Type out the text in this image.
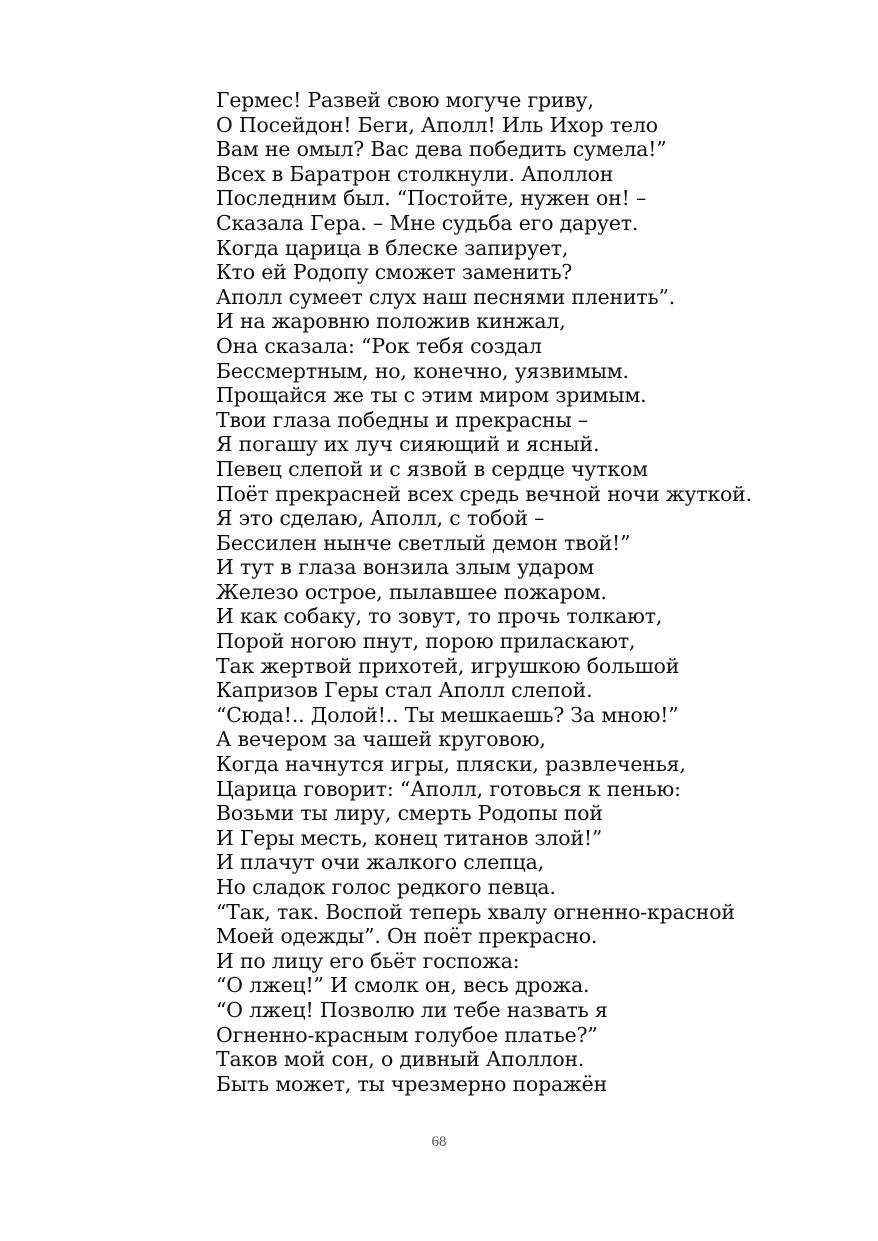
Гермес! Развей свою могуче гриву,
О Посейдон! Беги, Аполл! Иль Ихор тело
Вам не омыл? Вас дева победить сумела!”
Всех в Баратрон столкнули. Аполлон
Последним был. “Постойте, нужен он! –
Сказала Гера. – Мне судьба его дарует.
Когда царица в блеске запирует,
Кто ей Родопу сможет заменить?
Аполл сумеет слух наш песнями пленить”.
И на жаровню положив кинжал,
Она сказала: “Рок тебя создал
Бессмертным, но, конечно, уязвимым.
Прощайся же ты с этим миром зримым.
Твои глаза победны и прекрасны –
Я погашу их луч сияющий и ясный.
Певец слепой и с язвой в сердце чутком
Поёт прекрасней всех средь вечной ночи жуткой.
Я это сделаю, Аполл, с тобой –
Бессилен нынче светлый демон твой!”
И тут в глаза вонзила злым ударом
Железо острое, пылавшее пожаром.
И как собаку, то зовут, то прочь толкают,
Порой ногою пнут, порою приласкают,
Так жертвой прихотей, игрушкою большой
Капризов Геры стал Аполл слепой.
“Сюда!.. Долой!.. Ты мешкаешь? За мною!”
А вечером за чашей круговою,
Когда начнутся игры, пляски, развлеченья,
Царица говорит: “Аполл, готовься к пенью:
Возьми ты лиру, смерть Родопы пой
И Геры месть, конец титанов злой!”
И плачут очи жалкого слепца,
Но сладок голос редкого певца.
“Так, так. Воспой теперь хвалу огненно-красной
Моей одежды”. Он поёт прекрасно.
И по лицу его бьёт госпожа:
“О лжец!” И смолк он, весь дрожа.
“О лжец! Позволю ли тебе назвать я
Огненно-красным голубое платье?”
Таков мой сон, о дивный Аполлон.
Быть может, ты чрезмерно поражён
68
